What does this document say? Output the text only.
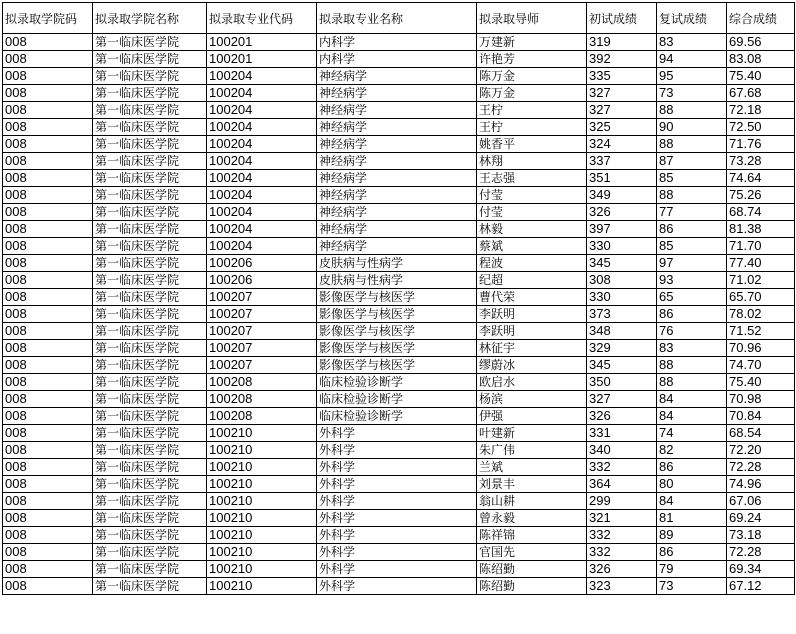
拟录取学院码	拟录取学院名称	拟录取专业代码	拟录取专业名称	拟录取导师	初试成绩	复试成绩	综合成绩
008	第一临床医学院	100201	内科学	万建新	319	83	69.56
008	第一临床医学院	100201	内科学	许艳芳	392	94	83.08
008	第一临床医学院	100204	神经病学	陈万金	335	95	75.40
008	第一临床医学院	100204	神经病学	陈万金	327	73	67.68
008	第一临床医学院	100204	神经病学	王柠	327	88	72.18
008	第一临床医学院	100204	神经病学	王柠	325	90	72.50
008	第一临床医学院	100204	神经病学	姚香平	324	88	71.76
008	第一临床医学院	100204	神经病学	林翔	337	87	73.28
008	第一临床医学院	100204	神经病学	王志强	351	85	74.64
008	第一临床医学院	100204	神经病学	付莹	349	88	75.26
008	第一临床医学院	100204	神经病学	付莹	326	77	68.74
008	第一临床医学院	100204	神经病学	林毅	397	86	81.38
008	第一临床医学院	100204	神经病学	蔡斌	330	85	71.70
008	第一临床医学院	100206	皮肤病与性病学	程波	345	97	77.40
008	第一临床医学院	100206	皮肤病与性病学	纪超	308	93	71.02
008	第一临床医学院	100207	影像医学与核医学	曹代荣	330	65	65.70
008	第一临床医学院	100207	影像医学与核医学	李跃明	373	86	78.02
008	第一临床医学院	100207	影像医学与核医学	李跃明	348	76	71.52
008	第一临床医学院	100207	影像医学与核医学	林征宇	329	83	70.96
008	第一临床医学院	100207	影像医学与核医学	缪蔚冰	345	88	74.70
008	第一临床医学院	100208	临床检验诊断学	欧启水	350	88	75.40
008	第一临床医学院	100208	临床检验诊断学	杨滨	327	84	70.98
008	第一临床医学院	100208	临床检验诊断学	伊强	326	84	70.84
008	第一临床医学院	100210	外科学	叶建新	331	74	68.54
008	第一临床医学院	100210	外科学	朱广伟	340	82	72.20
008	第一临床医学院	100210	外科学	兰斌	332	86	72.28
008	第一临床医学院	100210	外科学	刘景丰	364	80	74.96
008	第一临床医学院	100210	外科学	翁山耕	299	84	67.06
008	第一临床医学院	100210	外科学	曾永毅	321	81	69.24
008	第一临床医学院	100210	外科学	陈祥锦	332	89	73.18
008	第一临床医学院	100210	外科学	官国先	332	86	72.28
008	第一临床医学院	100210	外科学	陈绍勤	326	79	69.34
008	第一临床医学院	100210	外科学	陈绍勤	323	73	67.12
